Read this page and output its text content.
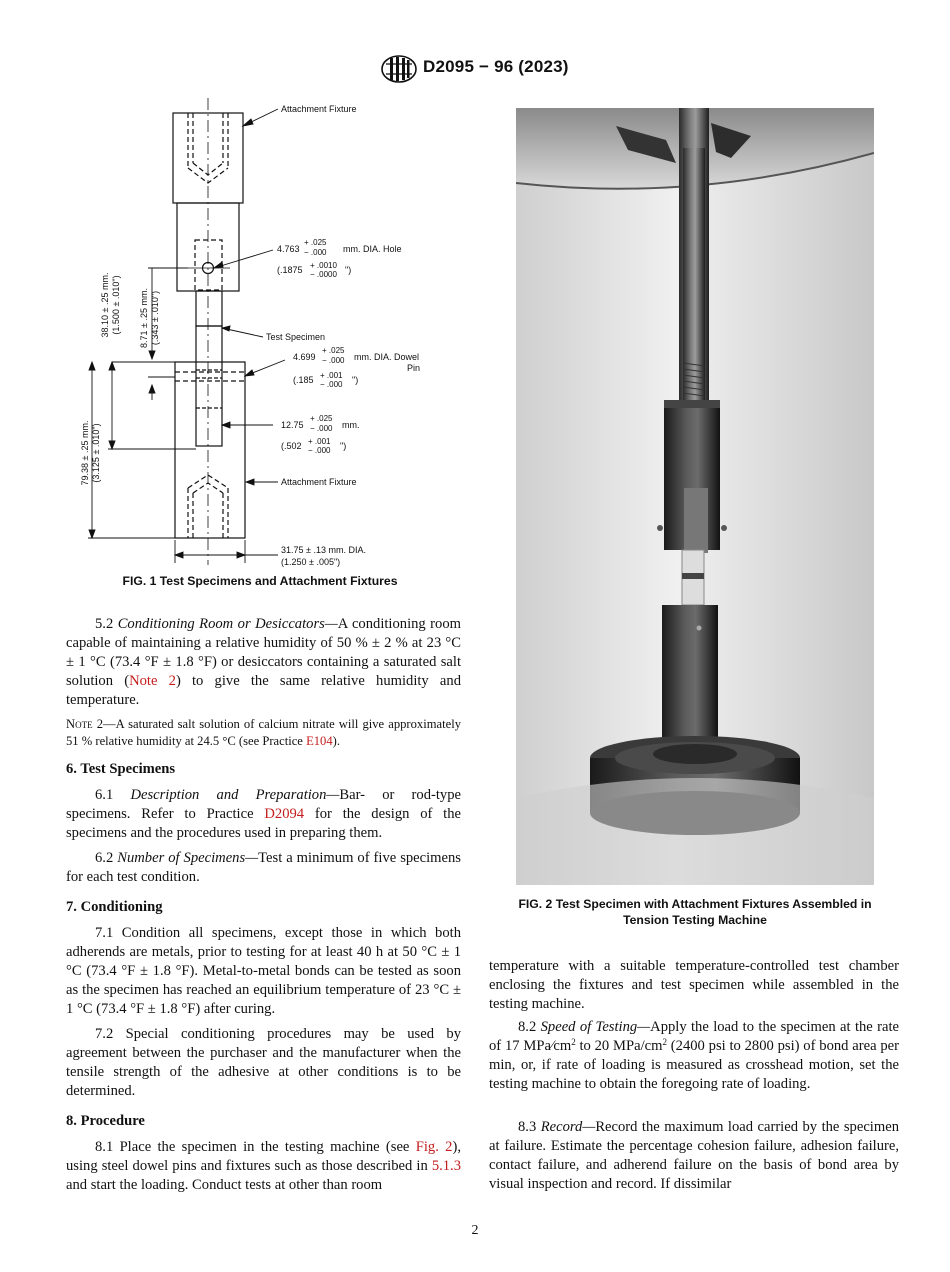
D2095 − 96 (2023)
Attachment Fixture
4.763
+ .025
− .000 mm. DIA. Hole
(.1875 + .0010
− .0000 ")
Test Specimen
4.699
+ .025
− .000 mm. DIA. Dowel
Pin
(.185 + .001
− .000 ")
12.75
+ .025
− .000 mm.
(.502 + .001
− .000 ")
Attachment Fixture
31.75 ± .13 mm. DIA.
(1.250 ± .005")
8.71 ± .25 mm. (.343 ± .010")
38.10 ± .25 mm. (1.500 ± .010")
79.38 ± .25 mm. (3.125 ± .010")
FIG. 1 Test Specimens and Attachment Fixtures

5.2 Conditioning Room or Desiccators—A conditioning room capable of maintaining a relative humidity of 50 % ± 2 % at 23 °C ± 1 °C (73.4 °F ± 1.8 °F) or desiccators containing a saturated salt solution (Note 2) to give the same relative humidity and temperature.

Note 2—A saturated salt solution of calcium nitrate will give approximately 51 % relative humidity at 24.5 °C (see Practice E104).

6. Test Specimens

6.1 Description and Preparation—Bar- or rod-type specimens. Refer to Practice D2094 for the design of the specimens and the procedures used in preparing them.

6.2 Number of Specimens—Test a minimum of five specimens for each test condition.

7. Conditioning

7.1 Condition all specimens, except those in which both adherends are metals, prior to testing for at least 40 h at 50 °C ± 1 °C (73.4 °F ± 1.8 °F). Metal-to-metal bonds can be tested as soon as the specimen has reached an equilibrium temperature of 23 °C ± 1 °C (73.4 °F ± 1.8 °F) after curing.

7.2 Special conditioning procedures may be used by agreement between the purchaser and the manufacturer when the tensile strength of the adhesive at other conditions is to be determined.

8. Procedure

8.1 Place the specimen in the testing machine (see Fig. 2), using steel dowel pins and fixtures such as those described in 5.1.3 and start the loading. Conduct tests at other than room

FIG. 2 Test Specimen with Attachment Fixtures Assembled in
Tension Testing Machine

temperature with a suitable temperature-controlled test chamber enclosing the fixtures and test specimen while assembled in the testing machine.

8.2 Speed of Testing—Apply the load to the specimen at the rate of 17 $MPa⁄cm^2$ to 20 MPa/$cm^2$ (2400 psi to 2800 psi) of bond area per min, or, if rate of loading is measured as crosshead motion, set the testing machine to obtain the foregoing rate of loading.

8.3 Record—Record the maximum load carried by the specimen at failure. Estimate the percentage cohesion failure, adhesion failure, contact failure, and adherend failure on the basis of bond area by visual inspection and record. If dissimilar

2
